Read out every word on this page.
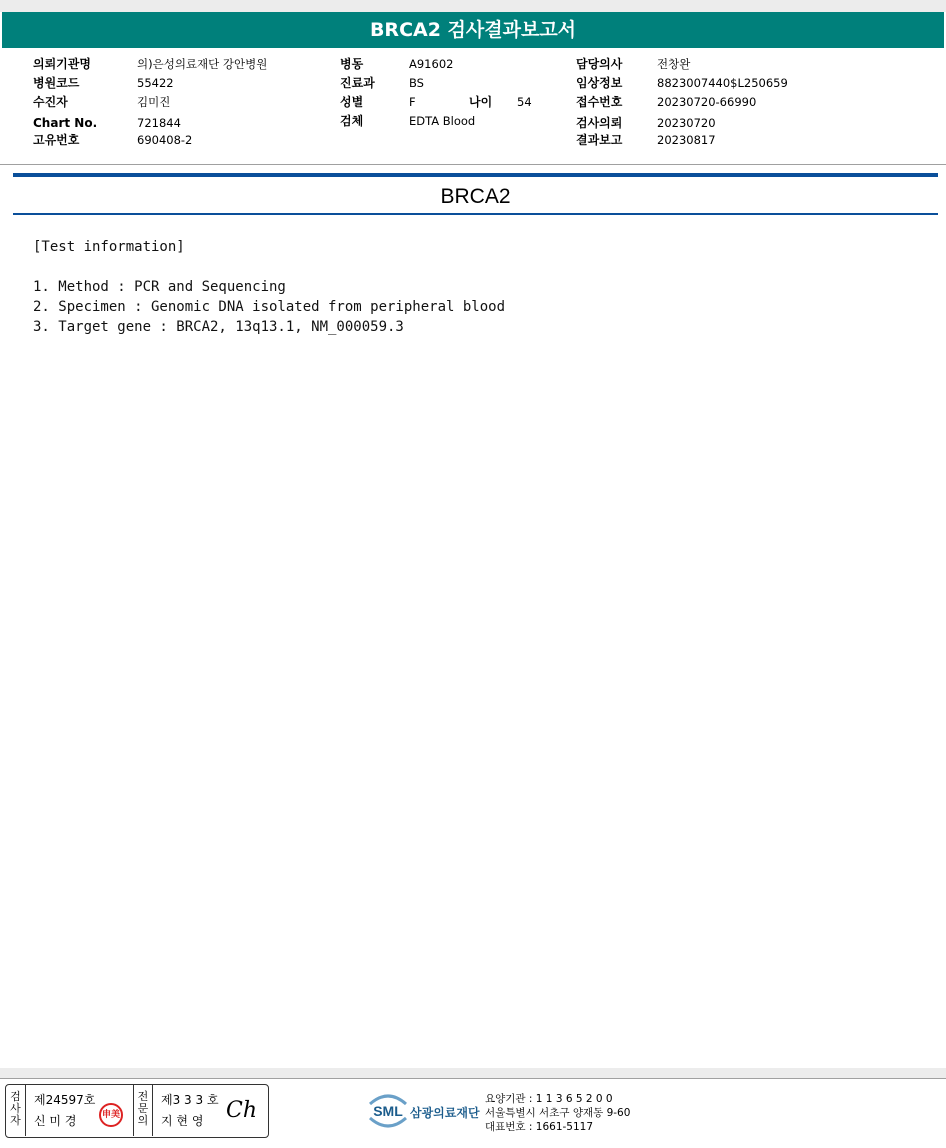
BRCA2 검사결과보고서
의뢰기관명	의)은성의료재단 강안병원
병원코드	55422
수진자	김미진
Chart No.	721844
고유번호	690408-2
병동	A91602
진료과	BS
성별	F	나이 54
검체	EDTA Blood
담당의사	전창완
임상정보	8823007440$L250659
접수번호	20230720-66990
검사의뢰	20230720
결과보고	20230817
BRCA2
[Test information]
1. Method : PCR and Sequencing
2. Specimen : Genomic DNA isolated from peripheral blood
3. Target gene : BRCA2, 13q13.1, NM_000059.3
검사자
제24597호
신 미 경
전문의
제3 3 3 호
지 현 영 Ch
申美	SML 삼광의료재단
요양기관 : 1 1 3 6 5 2 0 0
서울특별시 서초구 양재동 9-60
대표번호 : 1661-5117
